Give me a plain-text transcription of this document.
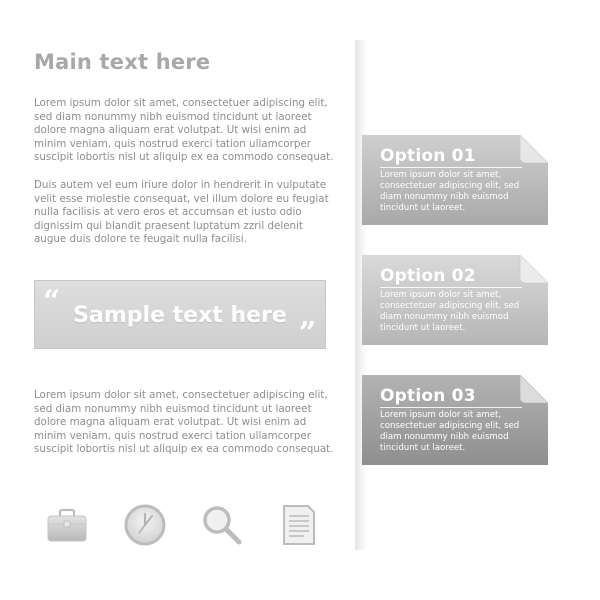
Main text here
Lorem ipsum dolor sit amet, consectetuer adipiscing elit, sed diam nonummy nibh euismod tincidunt ut laoreet dolore magna aliquam erat volutpat. Ut wisi enim ad minim veniam, quis nostrud exerci tation ullamcorper suscipit lobortis nisl ut aliquip ex ea commodo consequat.
Duis autem vel eum iriure dolor in hendrerit in vulputate velit esse molestie consequat, vel illum dolore eu feugiat nulla facilisis at vero eros et accumsan et iusto odio dignissim qui blandit praesent luptatum zzril delenit augue duis dolore te feugait nulla facilisi.
“ Sample text here
”
Lorem ipsum dolor sit amet, consectetuer adipiscing elit, sed diam nonummy nibh euismod tincidunt ut laoreet dolore magna aliquam erat volutpat. Ut wisi enim ad minim veniam, quis nostrud exerci tation ullamcorper suscipit lobortis nisl ut aliquip ex ea commodo consequat.
Option 01
Lorem ipsum dolor sit amet, consectetuer adipiscing elit, sed diam nonummy nibh euismod tincidunt ut laoreet.
Option 02
Lorem ipsum dolor sit amet, consectetuer adipiscing elit, sed diam nonummy nibh euismod tincidunt ut laoreet.
Option 03
Lorem ipsum dolor sit amet, consectetuer adipiscing elit, sed diam nonummy nibh euismod tincidunt ut laoreet.
